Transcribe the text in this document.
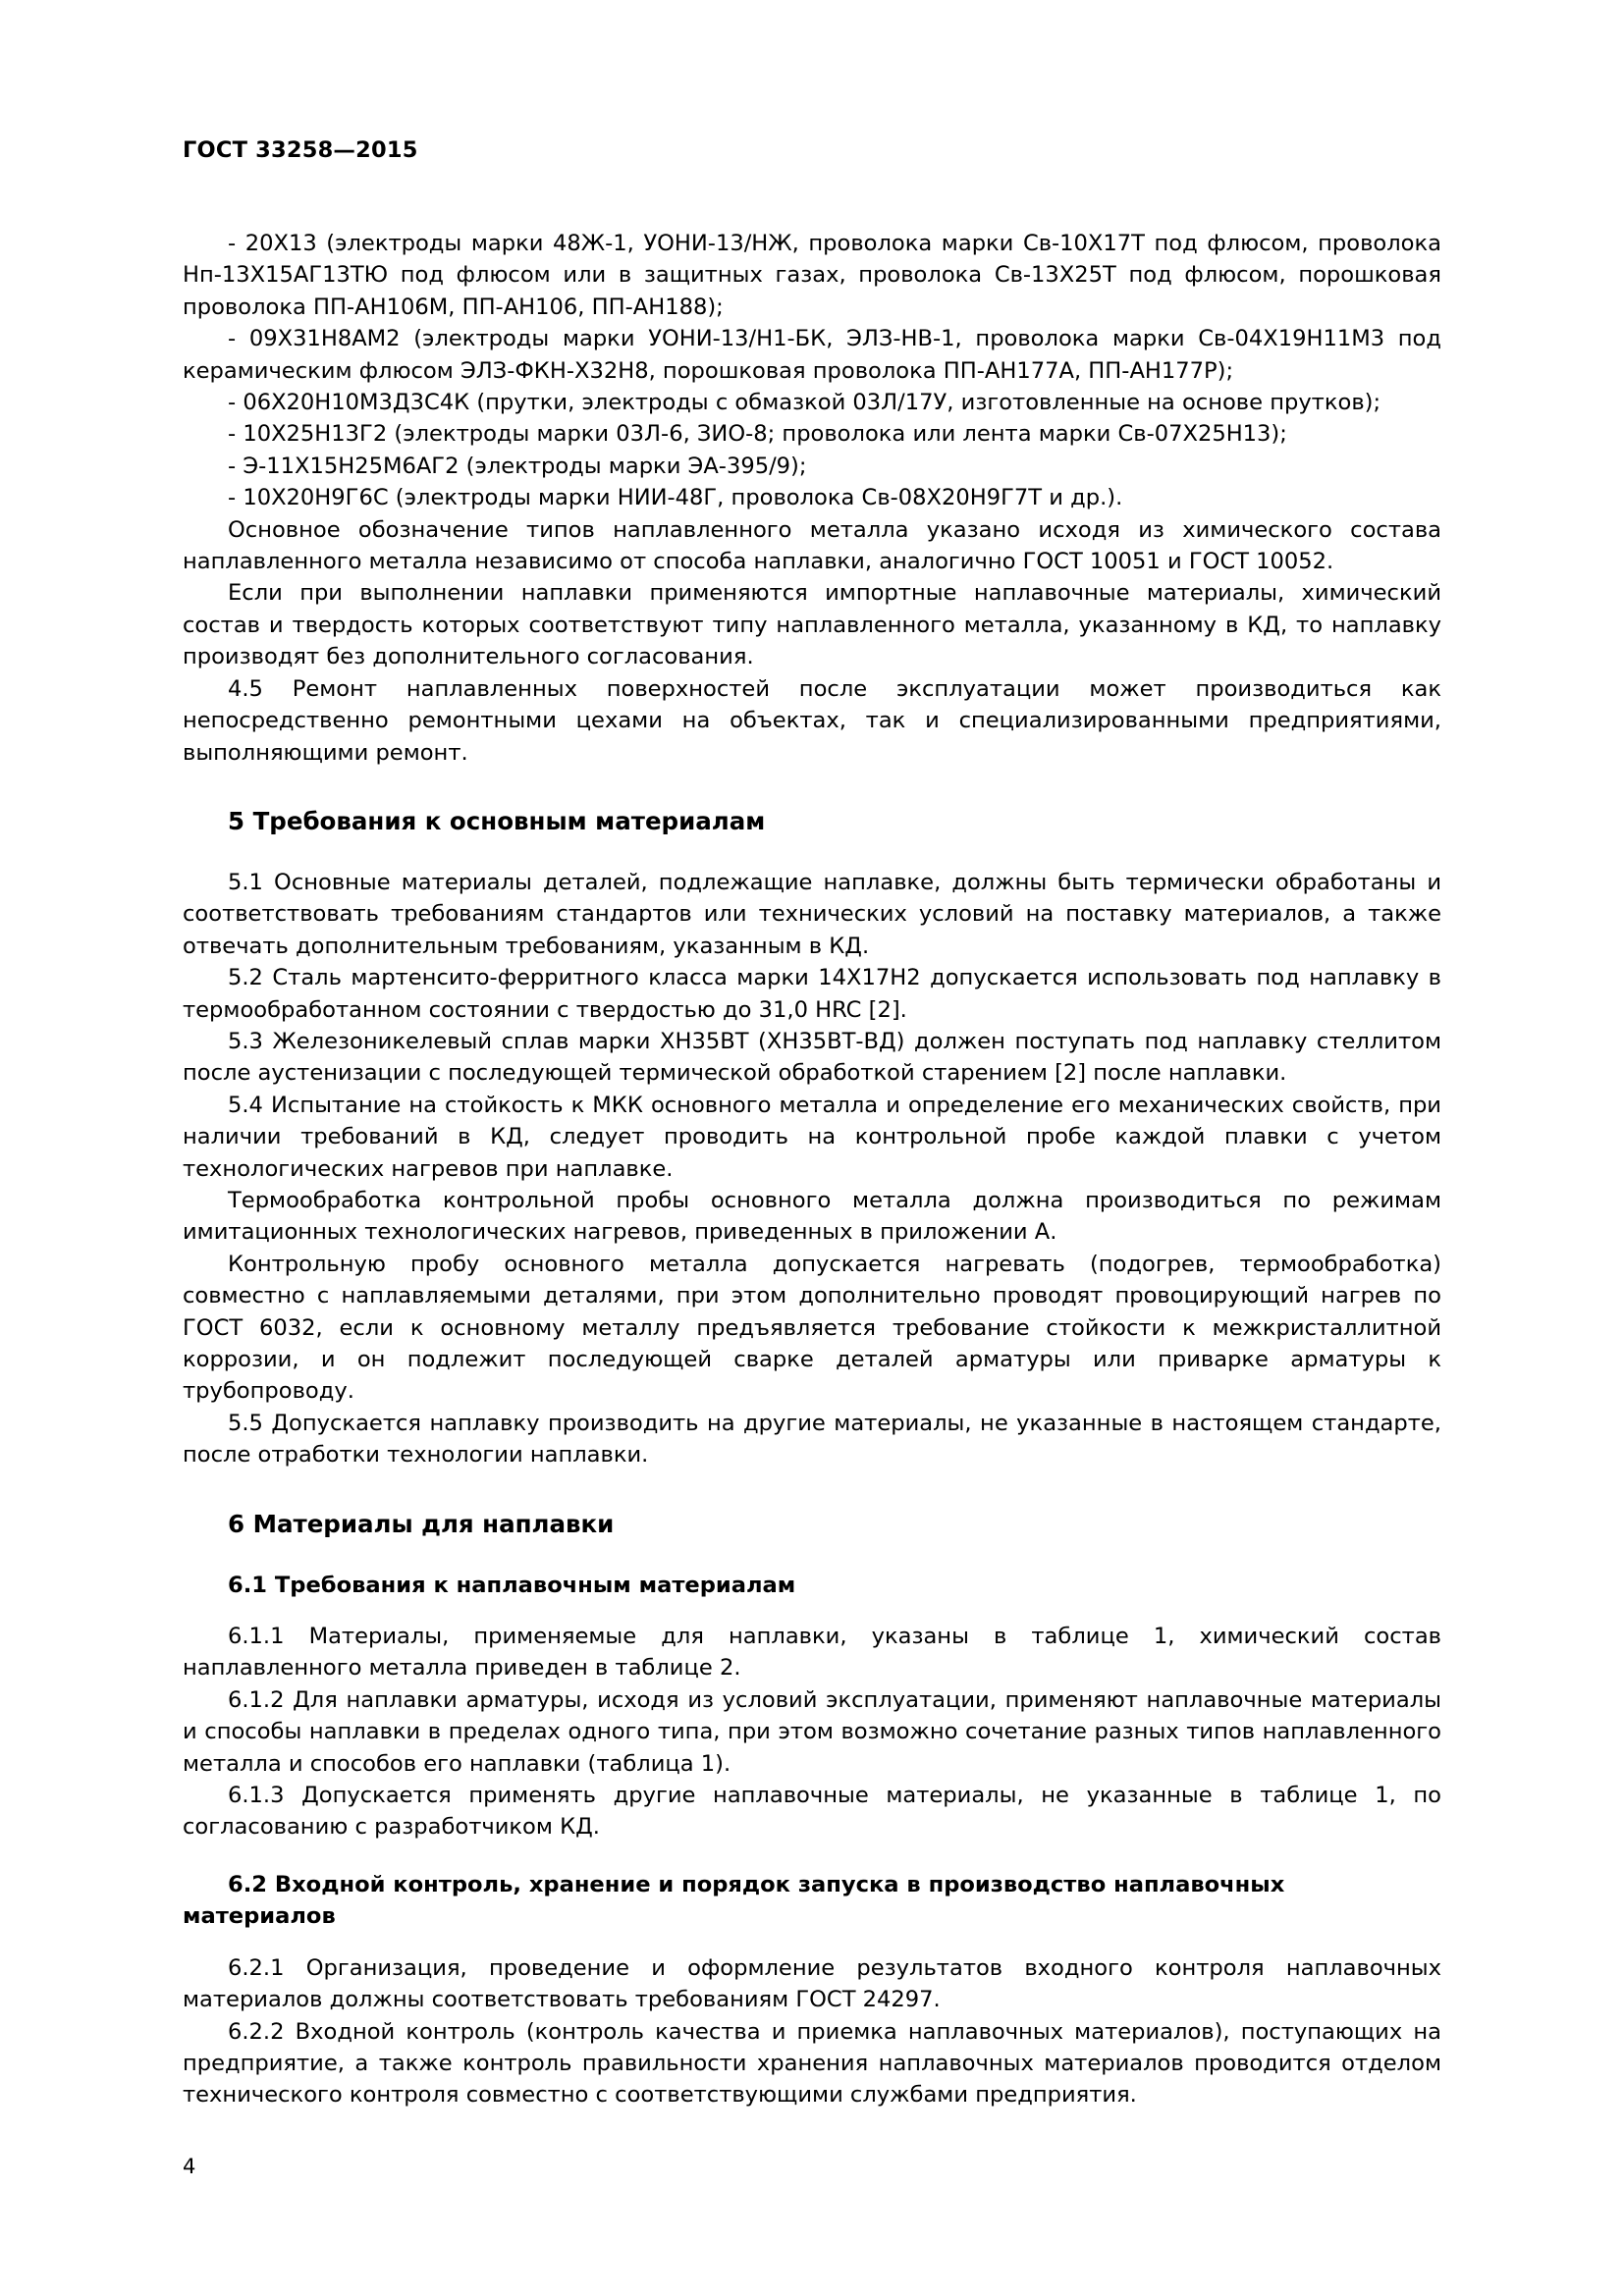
ГОСТ 33258—2015

- 20Х13 (электроды марки 48Ж-1, УОНИ-13/НЖ, проволока марки Св-10Х17Т под флюсом, проволока Нп-13Х15АГ13ТЮ под флюсом или в защитных газах, проволока Св-13Х25Т под флюсом, порошковая проволока ПП-АН106М, ПП-АН106, ПП-АН188);

- 09Х31Н8АМ2 (электроды марки УОНИ-13/Н1-БК, ЭЛЗ-НВ-1, проволока марки Св-04Х19Н11М3 под керамическим флюсом ЭЛЗ-ФКН-Х32Н8, порошковая проволока ПП-АН177А, ПП-АН177Р);

- 06Х20Н10М3Д3С4К (прутки, электроды с обмазкой 03Л/17У, изготовленные на основе прутков);

- 10Х25Н13Г2 (электроды марки 03Л-6, ЗИО-8; проволока или лента марки Св-07Х25Н13);

- Э-11Х15Н25М6АГ2 (электроды марки ЭА-395/9);

- 10Х20Н9Г6С (электроды марки НИИ-48Г, проволока Св-08Х20Н9Г7Т и др.).

Основное обозначение типов наплавленного металла указано исходя из химического состава наплавленного металла независимо от способа наплавки, аналогично ГОСТ 10051 и ГОСТ 10052.

Если при выполнении наплавки применяются импортные наплавочные материалы, химический состав и твердость которых соответствуют типу наплавленного металла, указанному в КД, то наплавку производят без дополнительного согласования.

4.5 Ремонт наплавленных поверхностей после эксплуатации может производиться как непосредственно ремонтными цехами на объектах, так и специализированными предприятиями, выполняющими ремонт.

5 Требования к основным материалам

5.1 Основные материалы деталей, подлежащие наплавке, должны быть термически обработаны и соответствовать требованиям стандартов или технических условий на поставку материалов, а также отвечать дополнительным требованиям, указанным в КД.

5.2 Сталь мартенсито-ферритного класса марки 14Х17Н2 допускается использовать под наплавку в термообработанном состоянии с твердостью до 31,0 HRC [2].

5.3 Железоникелевый сплав марки ХН35ВТ (ХН35ВТ-ВД) должен поступать под наплавку стеллитом после аустенизации с последующей термической обработкой старением [2] после наплавки.

5.4 Испытание на стойкость к МКК основного металла и определение его механических свойств, при наличии требований в КД, следует проводить на контрольной пробе каждой плавки с учетом технологических нагревов при наплавке.

Термообработка контрольной пробы основного металла должна производиться по режимам имитационных технологических нагревов, приведенных в приложении А.

Контрольную пробу основного металла допускается нагревать (подогрев, термообработка) совместно с наплавляемыми деталями, при этом дополнительно проводят провоцирующий нагрев по ГОСТ 6032, если к основному металлу предъявляется требование стойкости к межкристаллитной коррозии, и он подлежит последующей сварке деталей арматуры или приварке арматуры к трубопроводу.

5.5 Допускается наплавку производить на другие материалы, не указанные в настоящем стандарте, после отработки технологии наплавки.

6 Материалы для наплавки
6.1 Требования к наплавочным материалам

6.1.1 Материалы, применяемые для наплавки, указаны в таблице 1, химический состав наплавленного металла приведен в таблице 2.

6.1.2 Для наплавки арматуры, исходя из условий эксплуатации, применяют наплавочные материалы и способы наплавки в пределах одного типа, при этом возможно сочетание разных типов наплавленного металла и способов его наплавки (таблица 1).

6.1.3 Допускается применять другие наплавочные материалы, не указанные в таблице 1, по согласованию с разработчиком КД.

6.2 Входной контроль, хранение и порядок запуска в производство наплавочных материалов

6.2.1 Организация, проведение и оформление результатов входного контроля наплавочных материалов должны соответствовать требованиям ГОСТ 24297.

6.2.2 Входной контроль (контроль качества и приемка наплавочных материалов), поступающих на предприятие, а также контроль правильности хранения наплавочных материалов проводится отделом технического контроля совместно с соответствующими службами предприятия.

4
